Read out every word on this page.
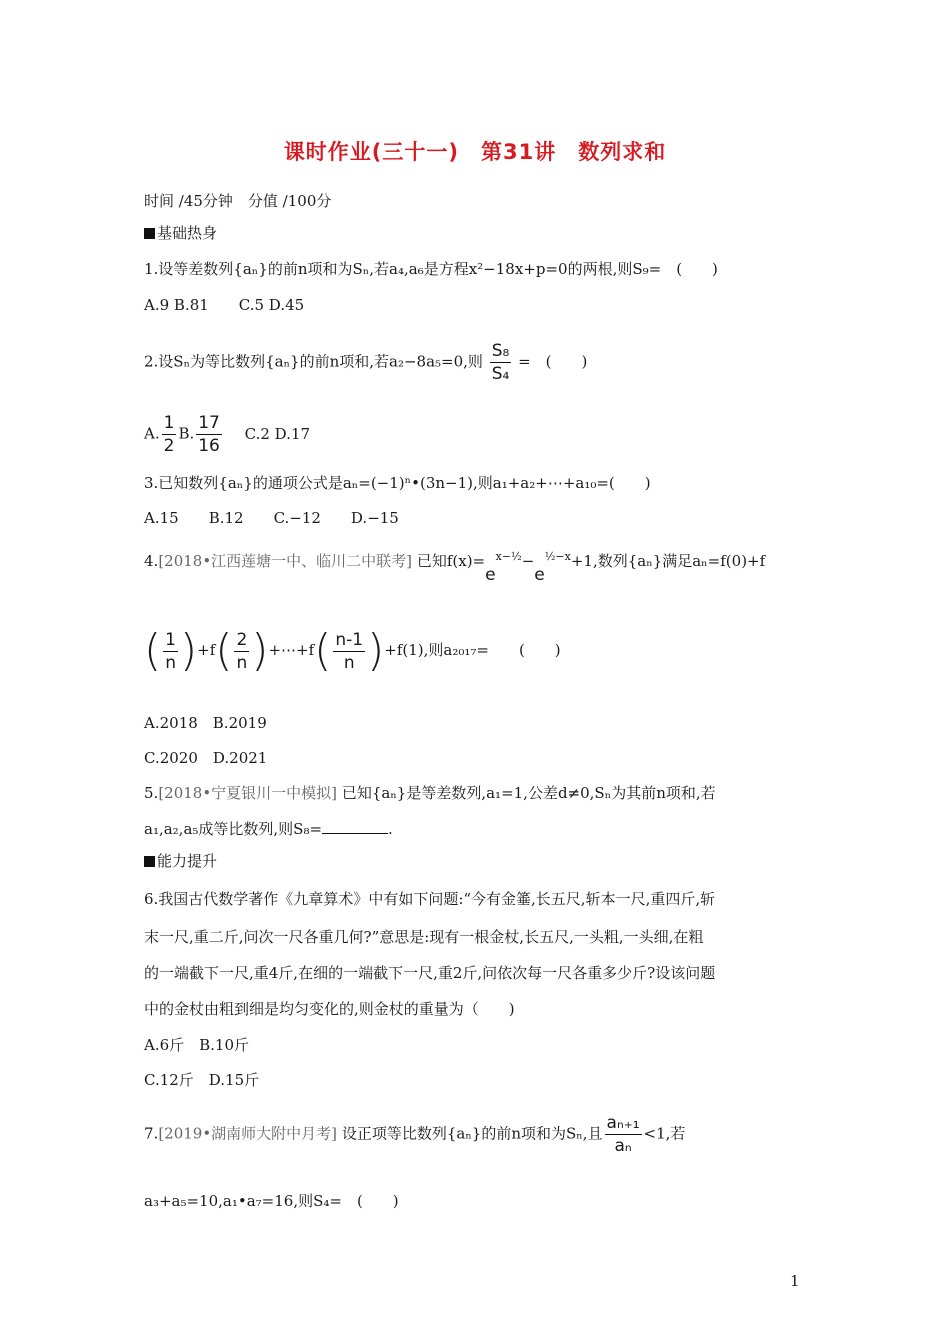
课时作业(三十一)　第31讲　数列求和
时间 ∕45分钟　分值 ∕100分
基础热身
1.设等差数列{aₙ}的前n项和为Sₙ,若a₄,a₆是方程x²−18x+p=0的两根,则S₉=　(　　)
A.9 B.81　　C.5 D.45
2.设Sₙ为等比数列{aₙ}的前n项和,若a₂−8a₅=0,则 $\frac{\text{S₈}}{\text{S₄}}$ =　(　　)
A. $\frac{1}{2} B$. $\frac{17}{16} C.2$ D.17
3.已知数列{aₙ}的通项公式是aₙ=(−1)ⁿ•(3n−1),则a₁+a₂+⋯+a₁₀=(　　)
A.15　　B.12　　C.−12　　D.−15
4.[2018•江西莲塘一中、临川二中联考] 已知$f(x)=e^{x-\frac{1}{2}}-e^{\frac{1}{2}-x}+1$,数列{aₙ}满足aₙ=f(0)+f
( $\frac{1}{n} )+f( \frac{2}{n}$ )+⋯+f( $\frac{n-1}{n} )+f(1)$,则a₂₀₁₇=　　(　　)
A.2018　B.2019
C.2020　D.2021
5.[2018•宁夏银川一中模拟] 已知{aₙ}是等差数列,a₁=1,公差d≠0,Sₙ为其前n项和,若
a₁,a₂,a₅成等比数列,则S₈=	.
能力提升
6.我国古代数学著作《九章算术》中有如下问题:“今有金箠,长五尺,斩本一尺,重四斤,斩
末一尺,重二斤,问次一尺各重几何?”意思是:现有一根金杖,长五尺,一头粗,一头细,在粗
的一端截下一尺,重4斤,在细的一端截下一尺,重2斤,问依次每一尺各重多少斤?设该问题
中的金杖由粗到细是均匀变化的,则金杖的重量为（　　)
A.6斤　B.10斤
C.12斤　D.15斤
7.[2019•湖南师大附中月考] 设正项等比数列{aₙ}的前n项和为Sₙ,且 $\frac{\text{aₙ₊₁}}{\text{aₙ}} <1$,若
a₃+a₅=10,a₁•a₇=16,则S₄=　(　　)
1
